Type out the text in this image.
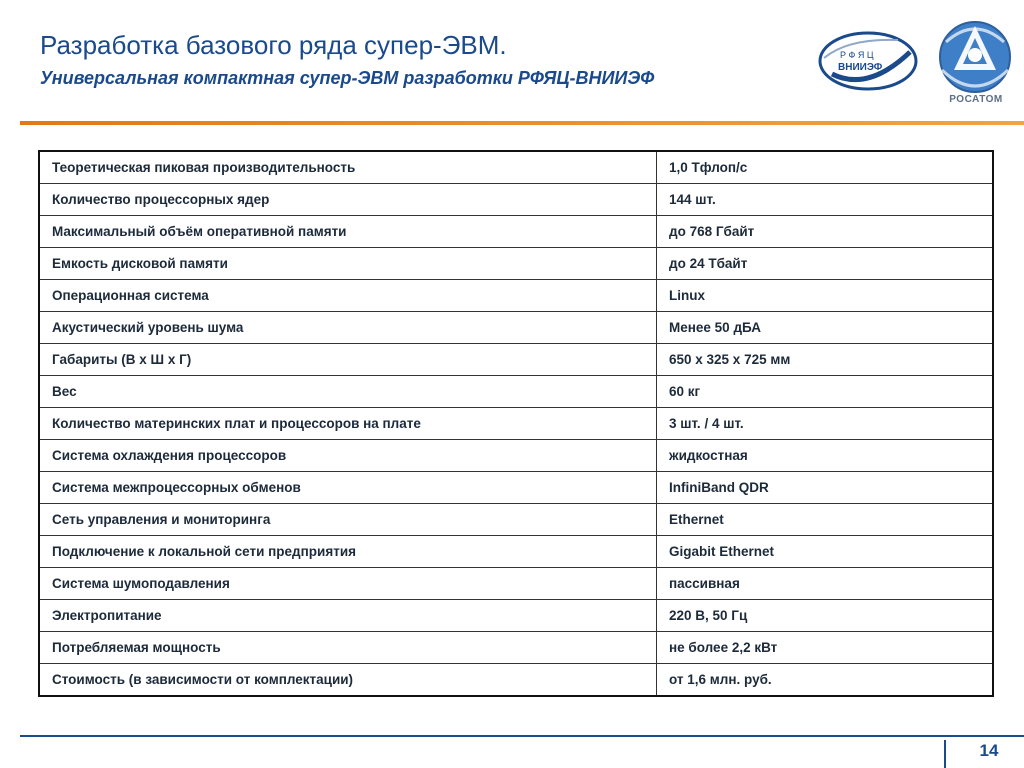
Разработка базового ряда супер-ЭВМ.
Универсальная компактная супер-ЭВМ разработки РФЯЦ-ВНИИЭФ
Р Ф Я Ц
ВНИИЭФ
РОСАТОМ
Теоретическая пиковая производительность	1,0 Тфлоп/с
Количество процессорных ядер	144 шт.
Максимальный объём оперативной памяти	до 768 Гбайт
Емкость дисковой памяти	до 24 Тбайт
Операционная система	Linux
Акустический уровень шума	Менее 50 дБА
Габариты (В х Ш х Г)	650 х 325 х 725 мм
Вес	60 кг
Количество материнских плат и процессоров на плате	3 шт. / 4 шт.
Система охлаждения процессоров	жидкостная
Система межпроцессорных обменов	InfiniBand QDR
Сеть управления и мониторинга	Ethernet
Подключение к локальной сети предприятия	Gigabit Ethernet
Система шумоподавления	пассивная
Электропитание	220 В, 50 Гц
Потребляемая мощность	не более 2,2 кВт
Стоимость (в зависимости от комплектации)	от 1,6 млн. руб.
14
